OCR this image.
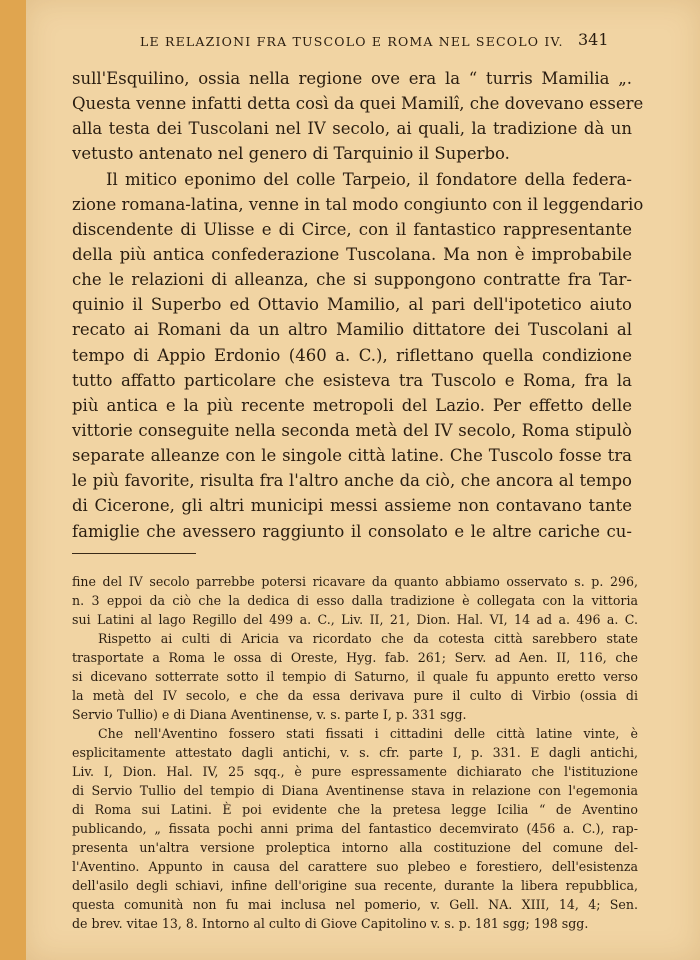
LE RELAZIONI FRA TUSCOLO E ROMA NEL SECOLO IV. 341
sull'Esquilino, ossia nella regione ove era la “ turris Mamilia „.
Questa venne infatti detta così da quei Mamilî, che dovevano essere
alla testa dei Tuscolani nel IV secolo, ai quali, la tradizione dà un
vetusto antenato nel genero di Tarquinio il Superbo.
Il mitico eponimo del colle Tarpeio, il fondatore della federa-
zione romana-latina, venne in tal modo congiunto con il leggendario
discendente di Ulisse e di Circe, con il fantastico rappresentante
della più antica confederazione Tuscolana. Ma non è improbabile
che le relazioni di alleanza, che si suppongono contratte fra Tar-
quinio il Superbo ed Ottavio Mamilio, al pari dell'ipotetico aiuto
recato ai Romani da un altro Mamilio dittatore dei Tuscolani al
tempo di Appio Erdonio (460 a. C.), riflettano quella condizione
tutto affatto particolare che esisteva tra Tuscolo e Roma, fra la
più antica e la più recente metropoli del Lazio. Per effetto delle
vittorie conseguite nella seconda metà del IV secolo, Roma stipulò
separate alleanze con le singole città latine. Che Tuscolo fosse tra
le più favorite, risulta fra l'altro anche da ciò, che ancora al tempo
di Cicerone, gli altri municipi messi assieme non contavano tante
famiglie che avessero raggiunto il consolato e le altre cariche cu-
fine del IV secolo parrebbe potersi ricavare da quanto abbiamo osservato s. p. 296,
n. 3 eppoi da ciò che la dedica di esso dalla tradizione è collegata con la vittoria
sui Latini al lago Regillo del 499 a. C., Liv. II, 21, Dion. Hal. VI, 14 ad a. 496 a. C.
Rispetto ai culti di Aricia va ricordato che da cotesta città sarebbero state
trasportate a Roma le ossa di Oreste, Hyg. fab. 261; Serv. ad Aen. II, 116, che
si dicevano sotterrate sotto il tempio di Saturno, il quale fu appunto eretto verso
la metà del IV secolo, e che da essa derivava pure il culto di Virbio (ossia di
Servio Tullio) e di Diana Aventinense, v. s. parte I, p. 331 sgg.
Che nell'Aventino fossero stati fissati i cittadini delle città latine vinte, è
esplicitamente attestato dagli antichi, v. s. cfr. parte I, p. 331. E dagli antichi,
Liv. I, Dion. Hal. IV, 25 sqq., è pure espressamente dichiarato che l'istituzione
di Servio Tullio del tempio di Diana Aventinense stava in relazione con l'egemonia
di Roma sui Latini. È poi evidente che la pretesa legge Icilia “ de Aventino
publicando, „ fissata pochi anni prima del fantastico decemvirato (456 a. C.), rap-
presenta un'altra versione proleptica intorno alla costituzione del comune del-
l'Aventino. Appunto in causa del carattere suo plebeo e forestiero, dell'esistenza
dell'asilo degli schiavi, infine dell'origine sua recente, durante la libera repubblica,
questa comunità non fu mai inclusa nel pomerio, v. Gell. NA. XIII, 14, 4; Sen.
de brev. vitae 13, 8. Intorno al culto di Giove Capitolino v. s. p. 181 sgg; 198 sgg.
